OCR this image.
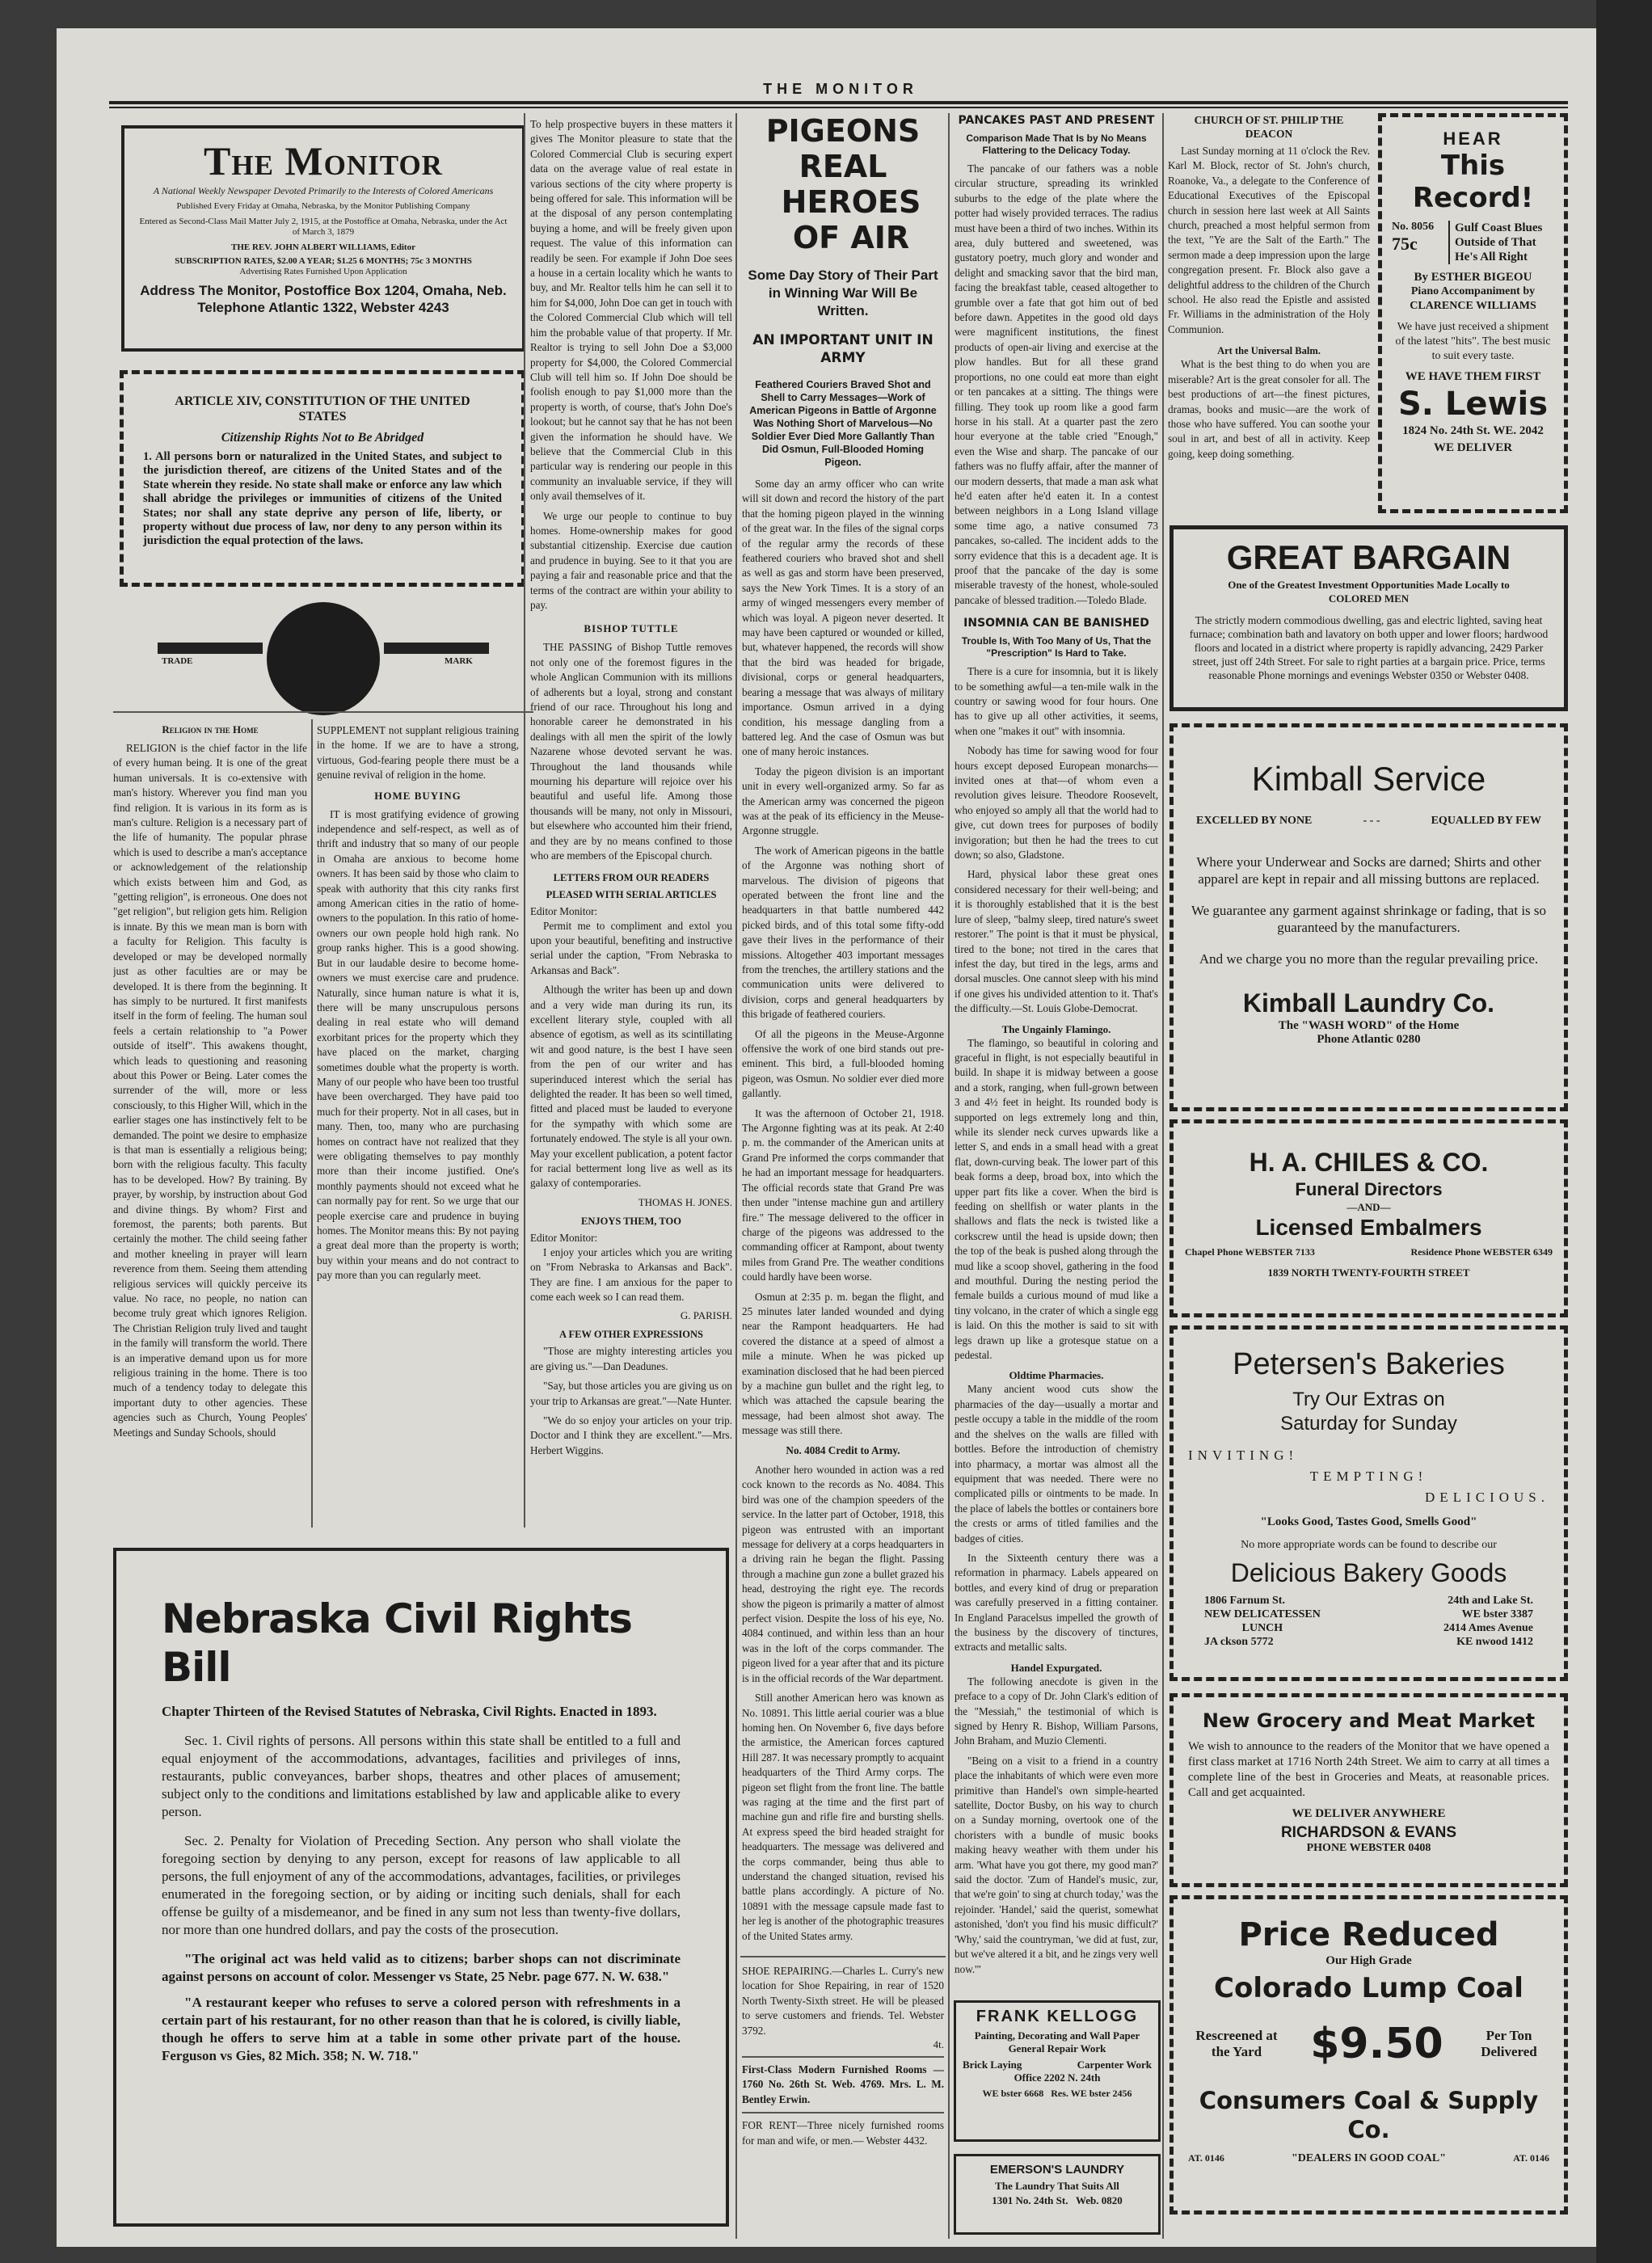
THE MONITOR
The Monitor
A National Weekly Newspaper Devoted Primarily to the Interests of Colored Americans
Published Every Friday at Omaha, Nebraska, by the Monitor Publishing Company
Entered as Second-Class Mail Matter July 2, 1915, at the Postoffice at Omaha, Nebraska, under the Act of March 3, 1879
THE REV. JOHN ALBERT WILLIAMS, Editor
SUBSCRIPTION RATES, $2.00 A YEAR; $1.25 6 MONTHS; 75c 3 MONTHS
Advertising Rates Furnished Upon Application
Address The Monitor, Postoffice Box 1204, Omaha, Neb.
Telephone Atlantic 1322, Webster 4243
ARTICLE XIV, CONSTITUTION OF THE UNITED STATES
Citizenship Rights Not to Be Abridged
1. All persons born or naturalized in the United States, and subject to the jurisdiction thereof, are citizens of the United States and of the State wherein they reside. No state shall make or enforce any law which shall abridge the privileges or immunities of citizens of the United States; nor shall any state deprive any person of life, liberty, or property without due process of law, nor deny to any person within its jurisdiction the equal protection of the laws.
TRADE	MARK
Religion in the Home

RELIGION is the chief factor in the life of every human being. It is one of the great human universals. It is co-extensive with man's history. Wherever you find man you find religion. It is various in its form as is man's culture. Religion is a necessary part of the life of humanity. The popular phrase which is used to describe a man's acceptance or acknowledgement of the relationship which exists between him and God, as "getting religion", is erroneous. One does not "get religion", but religion gets him. Religion is innate. By this we mean man is born with a faculty for Religion. This faculty is developed or may be developed normally just as other faculties are or may be developed. It is there from the beginning. It has simply to be nurtured. It first manifests itself in the form of feeling. The human soul feels a certain relationship to "a Power outside of itself". This awakens thought, which leads to questioning and reasoning about this Power or Being. Later comes the surrender of the will, more or less consciously, to this Higher Will, which in the earlier stages one has instinctively felt to be demanded. The point we desire to emphasize is that man is essentially a religious being; born with the religious faculty. This faculty has to be developed. How? By training. By prayer, by worship, by instruction about God and divine things. By whom? First and foremost, the parents; both parents. But certainly the mother. The child seeing father and mother kneeling in prayer will learn reverence from them. Seeing them attending religious services will quickly perceive its value. No race, no people, no nation can become truly great which ignores Religion. The Christian Religion truly lived and taught in the family will transform the world. There is an imperative demand upon us for more religious training in the home. There is too much of a tendency today to delegate this important duty to other agencies. These agencies such as Church, Young Peoples' Meetings and Sunday Schools, should

SUPPLEMENT not supplant religious training in the home. If we are to have a strong, virtuous, God-fearing people there must be a genuine revival of religion in the home.

HOME BUYING

IT is most gratifying evidence of growing independence and self-respect, as well as of thrift and industry that so many of our people in Omaha are anxious to become home owners. It has been said by those who claim to speak with authority that this city ranks first among American cities in the ratio of home-owners to the population. In this ratio of home-owners our own people hold high rank. No group ranks higher. This is a good showing. But in our laudable desire to become home-owners we must exercise care and prudence. Naturally, since human nature is what it is, there will be many unscrupulous persons dealing in real estate who will demand exorbitant prices for the property which they have placed on the market, charging sometimes double what the property is worth. Many of our people who have been too trustful have been overcharged. They have paid too much for their property. Not in all cases, but in many. Then, too, many who are purchasing homes on contract have not realized that they were obligating themselves to pay monthly more than their income justified. One's monthly payments should not exceed what he can normally pay for rent. So we urge that our people exercise care and prudence in buying homes. The Monitor means this: By not paying a great deal more than the property is worth; buy within your means and do not contract to pay more than you can regularly meet.

To help prospective buyers in these matters it gives The Monitor pleasure to state that the Colored Commercial Club is securing expert data on the average value of real estate in various sections of the city where property is being offered for sale. This information will be at the disposal of any person contemplating buying a home, and will be freely given upon request. The value of this information can readily be seen. For example if John Doe sees a house in a certain locality which he wants to buy, and Mr. Realtor tells him he can sell it to him for $4,000, John Doe can get in touch with the Colored Commercial Club which will tell him the probable value of that property. If Mr. Realtor is trying to sell John Doe a $3,000 property for $4,000, the Colored Commercial Club will tell him so. If John Doe should be foolish enough to pay $1,000 more than the property is worth, of course, that's John Doe's lookout; but he cannot say that he has not been given the information he should have. We believe that the Commercial Club in this particular way is rendering our people in this community an invaluable service, if they will only avail themselves of it.

We urge our people to continue to buy homes. Home-ownership makes for good substantial citizenship. Exercise due caution and prudence in buying. See to it that you are paying a fair and reasonable price and that the terms of the contract are within your ability to pay.

BISHOP TUTTLE

THE PASSING of Bishop Tuttle removes not only one of the foremost figures in the whole Anglican Communion with its millions of adherents but a loyal, strong and constant friend of our race. Throughout his long and honorable career he demonstrated in his dealings with all men the spirit of the lowly Nazarene whose devoted servant he was. Throughout the land thousands while mourning his departure will rejoice over his beautiful and useful life. Among those thousands will be many, not only in Missouri, but elsewhere who accounted him their friend, and they are by no means confined to those who are members of the Episcopal church.

LETTERS FROM OUR READERS
PLEASED WITH SERIAL ARTICLES
Editor Monitor:

Permit me to compliment and extol you upon your beautiful, benefiting and instructive serial under the caption, "From Nebraska to Arkansas and Back".

Although the writer has been up and down and a very wide man during its run, its excellent literary style, coupled with all absence of egotism, as well as its scintillating wit and good nature, is the best I have seen from the pen of our writer and has superinduced interest which the serial has delighted the reader. It has been so well timed, fitted and placed must be lauded to everyone for the sympathy with which some are fortunately endowed. The style is all your own. May your excellent publication, a potent factor for racial betterment long live as well as its galaxy of contemporaries.

THOMAS H. JONES.
ENJOYS THEM, TOO
Editor Monitor:

I enjoy your articles which you are writing on "From Nebraska to Arkansas and Back". They are fine. I am anxious for the paper to come each week so I can read them.

G. PARISH.
A FEW OTHER EXPRESSIONS

"Those are mighty interesting articles you are giving us."—Dan Deadunes.

"Say, but those articles you are giving us on your trip to Arkansas are great."—Nate Hunter.

"We do so enjoy your articles on your trip. Doctor and I think they are excellent."—Mrs. Herbert Wiggins.

Nebraska Civil Rights Bill
Chapter Thirteen of the Revised Statutes of Nebraska, Civil Rights. Enacted in 1893.
Sec. 1. Civil rights of persons. All persons within this state shall be entitled to a full and equal enjoyment of the accommodations, advantages, facilities and privileges of inns, restaurants, public conveyances, barber shops, theatres and other places of amusement; subject only to the conditions and limitations established by law and applicable alike to every person.
Sec. 2. Penalty for Violation of Preceding Section. Any person who shall violate the foregoing section by denying to any person, except for reasons of law applicable to all persons, the full enjoyment of any of the accommodations, advantages, facilities, or privileges enumerated in the foregoing section, or by aiding or inciting such denials, shall for each offense be guilty of a misdemeanor, and be fined in any sum not less than twenty-five dollars, nor more than one hundred dollars, and pay the costs of the prosecution.
"The original act was held valid as to citizens; barber shops can not discriminate against persons on account of color. Messenger vs State, 25 Nebr. page 677. N. W. 638."
"A restaurant keeper who refuses to serve a colored person with refreshments in a certain part of his restaurant, for no other reason than that he is colored, is civilly liable, though he offers to serve him at a table in some other private part of the house. Ferguson vs Gies, 82 Mich. 358; N. W. 718."
PIGEONS REAL
HEROES OF AIR
Some Day Story of Their Part in Winning War Will Be Written.
AN IMPORTANT UNIT IN ARMY
Feathered Couriers Braved Shot and Shell to Carry Messages—Work of American Pigeons in Battle of Argonne Was Nothing Short of Marvelous—No Soldier Ever Died More Gallantly Than Did Osmun, Full-Blooded Homing Pigeon.

Some day an army officer who can write will sit down and record the history of the part that the homing pigeon played in the winning of the great war. In the files of the signal corps of the regular army the records of these feathered couriers who braved shot and shell as well as gas and storm have been preserved, says the New York Times. It is a story of an army of winged messengers every member of which was loyal. A pigeon never deserted. It may have been captured or wounded or killed, but, whatever happened, the records will show that the bird was headed for brigade, divisional, corps or general headquarters, bearing a message that was always of military importance. Osmun arrived in a dying condition, his message dangling from a battered leg. And the case of Osmun was but one of many heroic instances.

Today the pigeon division is an important unit in every well-organized army. So far as the American army was concerned the pigeon was at the peak of its efficiency in the Meuse-Argonne struggle.

The work of American pigeons in the battle of the Argonne was nothing short of marvelous. The division of pigeons that operated between the front line and the headquarters in that battle numbered 442 picked birds, and of this total some fifty-odd gave their lives in the performance of their missions. Altogether 403 important messages from the trenches, the artillery stations and the communication units were delivered to division, corps and general headquarters by this brigade of feathered couriers.

Of all the pigeons in the Meuse-Argonne offensive the work of one bird stands out pre-eminent. This bird, a full-blooded homing pigeon, was Osmun. No soldier ever died more gallantly.

It was the afternoon of October 21, 1918. The Argonne fighting was at its peak. At 2:40 p. m. the commander of the American units at Grand Pre informed the corps commander that he had an important message for headquarters. The official records state that Grand Pre was then under "intense machine gun and artillery fire." The message delivered to the officer in charge of the pigeons was addressed to the commanding officer at Rampont, about twenty miles from Grand Pre. The weather conditions could hardly have been worse.

Osmun at 2:35 p. m. began the flight, and 25 minutes later landed wounded and dying near the Rampont headquarters. He had covered the distance at a speed of almost a mile a minute. When he was picked up examination disclosed that he had been pierced by a machine gun bullet and the right leg, to which was attached the capsule bearing the message, had been almost shot away. The message was still there.

No. 4084 Credit to Army.

Another hero wounded in action was a red cock known to the records as No. 4084. This bird was one of the champion speeders of the service. In the latter part of October, 1918, this pigeon was entrusted with an important message for delivery at a corps headquarters in a driving rain he began the flight. Passing through a machine gun zone a bullet grazed his head, destroying the right eye. The records show the pigeon is primarily a matter of almost perfect vision. Despite the loss of his eye, No. 4084 continued, and within less than an hour was in the loft of the corps commander. The pigeon lived for a year after that and its picture is in the official records of the War department.

Still another American hero was known as No. 10891. This little aerial courier was a blue homing hen. On November 6, five days before the armistice, the American forces captured Hill 287. It was necessary promptly to acquaint headquarters of the Third Army corps. The pigeon set flight from the front line. The battle was raging at the time and the first part of machine gun and rifle fire and bursting shells. At express speed the bird headed straight for headquarters. The message was delivered and the corps commander, being thus able to understand the changed situation, revised his battle plans accordingly. A picture of No. 10891 with the message capsule made fast to her leg is another of the photographic treasures of the United States army.

SHOE REPAIRING.—Charles L. Curry's new location for Shoe Repairing, in rear of 1520 North Twenty-Sixth street. He will be pleased to serve customers and friends. Tel. Webster 3792.
4t.
First-Class Modern Furnished Rooms —1760 No. 26th St. Web. 4769. Mrs. L. M. Bentley Erwin.
FOR RENT—Three nicely furnished rooms for man and wife, or men.— Webster 4432.
PANCAKES PAST AND PRESENT
Comparison Made That Is by No Means Flattering to the Delicacy Today.

The pancake of our fathers was a noble circular structure, spreading its wrinkled suburbs to the edge of the plate where the potter had wisely provided terraces. The radius must have been a third of two inches. Within its area, duly buttered and sweetened, was gustatory poetry, much glory and wonder and delight and smacking savor that the bird man, facing the breakfast table, ceased altogether to grumble over a fate that got him out of bed before dawn. Appetites in the good old days were magnificent institutions, the finest products of open-air living and exercise at the plow handles. But for all these grand proportions, no one could eat more than eight or ten pancakes at a sitting. The things were filling. They took up room like a good farm horse in his stall. At a quarter past the zero hour everyone at the table cried "Enough," even the Wise and sharp. The pancake of our fathers was no fluffy affair, after the manner of our modern desserts, that made a man ask what he'd eaten after he'd eaten it. In a contest between neighbors in a Long Island village some time ago, a native consumed 73 pancakes, so-called. The incident adds to the sorry evidence that this is a decadent age. It is proof that the pancake of the day is some miserable travesty of the honest, whole-souled pancake of blessed tradition.—Toledo Blade.

INSOMNIA CAN BE BANISHED
Trouble Is, With Too Many of Us, That the "Prescription" Is Hard to Take.

There is a cure for insomnia, but it is likely to be something awful—a ten-mile walk in the country or sawing wood for four hours. One has to give up all other activities, it seems, when one "makes it out" with insomnia.

Nobody has time for sawing wood for four hours except deposed European monarchs—invited ones at that—of whom even a revolution gives leisure. Theodore Roosevelt, who enjoyed so amply all that the world had to give, cut down trees for purposes of bodily invigoration; but then he had the trees to cut down; so also, Gladstone.

Hard, physical labor these great ones considered necessary for their well-being; and it is thoroughly established that it is the best lure of sleep, "balmy sleep, tired nature's sweet restorer." The point is that it must be physical, tired to the bone; not tired in the cares that infest the day, but tired in the legs, arms and dorsal muscles. One cannot sleep with his mind if one gives his undivided attention to it. That's the difficulty.—St. Louis Globe-Democrat.

The Ungainly Flamingo.

The flamingo, so beautiful in coloring and graceful in flight, is not especially beautiful in build. In shape it is midway between a goose and a stork, ranging, when full-grown between 3 and 4½ feet in height. Its rounded body is supported on legs extremely long and thin, while its slender neck curves upwards like a letter S, and ends in a small head with a great flat, down-curving beak. The lower part of this beak forms a deep, broad box, into which the upper part fits like a cover. When the bird is feeding on shellfish or water plants in the shallows and flats the neck is twisted like a corkscrew until the head is upside down; then the top of the beak is pushed along through the mud like a scoop shovel, gathering in the food and mouthful. During the nesting period the female builds a curious mound of mud like a tiny volcano, in the crater of which a single egg is laid. On this the mother is said to sit with legs drawn up like a grotesque statue on a pedestal.

Oldtime Pharmacies.

Many ancient wood cuts show the pharmacies of the day—usually a mortar and pestle occupy a table in the middle of the room and the shelves on the walls are filled with bottles. Before the introduction of chemistry into pharmacy, a mortar was almost all the equipment that was needed. There were no complicated pills or ointments to be made. In the place of labels the bottles or containers bore the crests or arms of titled families and the badges of cities.

In the Sixteenth century there was a reformation in pharmacy. Labels appeared on bottles, and every kind of drug or preparation was carefully preserved in a fitting container. In England Paracelsus impelled the growth of the business by the discovery of tinctures, extracts and metallic salts.

Handel Expurgated.

The following anecdote is given in the preface to a copy of Dr. John Clark's edition of the "Messiah," the testimonial of which is signed by Henry R. Bishop, William Parsons, John Braham, and Muzio Clementi.

"Being on a visit to a friend in a country place the inhabitants of which were even more primitive than Handel's own simple-hearted satellite, Doctor Busby, on his way to church on a Sunday morning, overtook one of the choristers with a bundle of music books making heavy weather with them under his arm. 'What have you got there, my good man?' said the doctor. 'Zum of Handel's music, zur, that we're goin' to sing at church today,' was the rejoinder. 'Handel,' said the querist, somewhat astonished, 'don't you find his music difficult?' 'Why,' said the countryman, 'we did at fust, zur, but we've altered it a bit, and he zings very well now.'"

FRANK KELLOGG
Painting, Decorating and Wall Paper
General Repair Work
Brick Laying	Carpenter Work
Office 2202 N. 24th
WE bster 6668   Res. WE bster 2456
EMERSON'S LAUNDRY
The Laundry That Suits All
1301 No. 24th St.   Web. 0820
CHURCH OF ST. PHILIP THE DEACON

Last Sunday morning at 11 o'clock the Rev. Karl M. Block, rector of St. John's church, Roanoke, Va., a delegate to the Conference of Educational Executives of the Episcopal church in session here last week at All Saints church, preached a most helpful sermon from the text, "Ye are the Salt of the Earth." The sermon made a deep impression upon the large congregation present. Fr. Block also gave a delightful address to the children of the Church school. He also read the Epistle and assisted Fr. Williams in the administration of the Holy Communion.

Art the Universal Balm.

What is the best thing to do when you are miserable? Art is the great consoler for all. The best productions of art—the finest pictures, dramas, books and music—are the work of those who have suffered. You can soothe your soul in art, and best of all in activity. Keep going, keep doing something.

HEAR
This Record!
No. 8056
75c
Gulf Coast Blues
Outside of That He's All Right
By ESTHER BIGEOU
Piano Accompaniment by CLARENCE WILLIAMS
We have just received a shipment of the latest "hits". The best music to suit every taste.
WE HAVE THEM FIRST
S. Lewis
1824 No. 24th St. WE. 2042
WE DELIVER
GREAT BARGAIN
One of the Greatest Investment Opportunities Made Locally to COLORED MEN
The strictly modern commodious dwelling, gas and electric lighted, saving heat furnace; combination bath and lavatory on both upper and lower floors; hardwood floors and located in a district where property is rapidly advancing, 2429 Parker street, just off 24th Street. For sale to right parties at a bargain price. Price, terms reasonable Phone mornings and evenings Webster 0350 or Webster 0408.
Kimball Service
EXCELLED BY NONE	- - -	EQUALLED BY FEW
Where your Underwear and Socks are darned; Shirts and other apparel are kept in repair and all missing buttons are replaced.
We guarantee any garment against shrinkage or fading, that is so guaranteed by the manufacturers.
And we charge you no more than the regular prevailing price.
Kimball Laundry Co.
The "WASH WORD" of the Home
Phone Atlantic 0280
H. A. CHILES & CO.
Funeral Directors
—AND—
Licensed Embalmers
Chapel Phone WEBSTER 7133	Residence Phone WEBSTER 6349
1839 NORTH TWENTY-FOURTH STREET
Petersen's Bakeries
Try Our Extras on
Saturday for Sunday
INVITING!
TEMPTING!
DELICIOUS.
"Looks Good, Tastes Good, Smells Good"
No more appropriate words can be found to describe our
Delicious Bakery Goods
1806 Farnum St.
NEW DELICATESSEN
LUNCH
JA ckson 5772
24th and Lake St.
WE bster 3387
2414 Ames Avenue
KE nwood 1412
New Grocery and Meat Market
We wish to announce to the readers of the Monitor that we have opened a first class market at 1716 North 24th Street. We aim to carry at all times a complete line of the best in Groceries and Meats, at reasonable prices. Call and get acquainted.
WE DELIVER ANYWHERE
RICHARDSON & EVANS
PHONE WEBSTER 0408
Price Reduced
Our High Grade
Colorado Lump Coal
Rescreened at the Yard	$9.50	Per Ton Delivered
Consumers Coal & Supply Co.
AT. 0146	"DEALERS IN GOOD COAL"	AT. 0146
